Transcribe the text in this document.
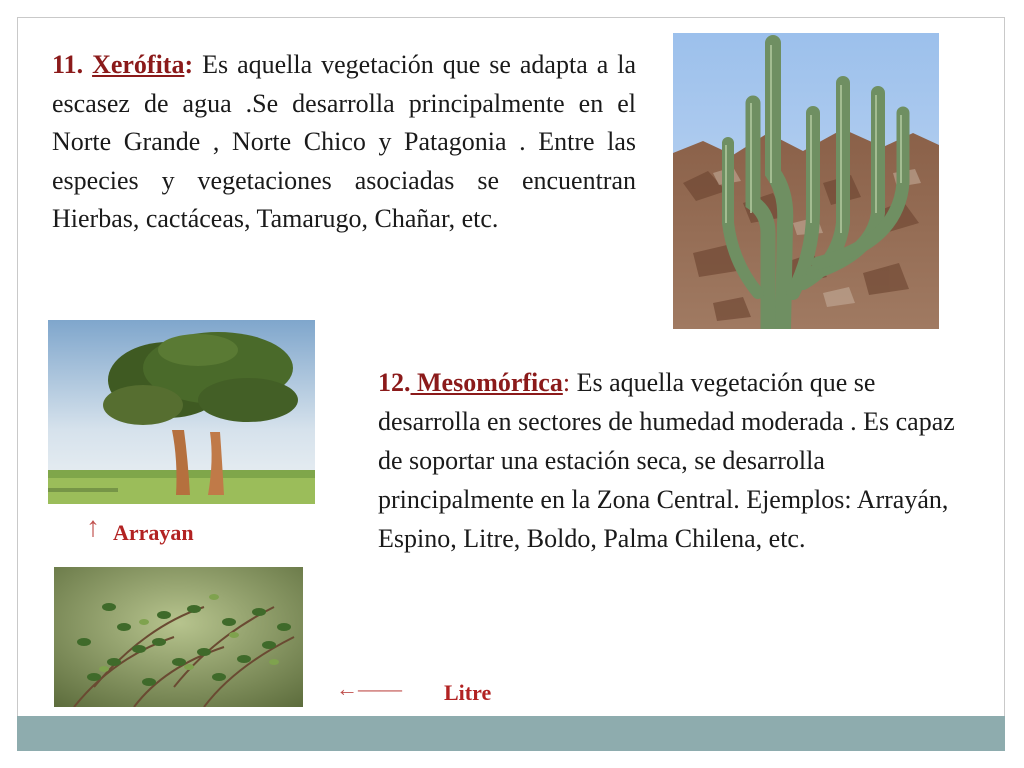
11. Xerófita: Es aquella vegetación que se adapta a la escasez de agua .Se desarrolla principalmente en el Norte Grande , Norte Chico y Patagonia . Entre las especies y vegetaciones asociadas se encuentran Hierbas, cactáceas, Tamarugo, Chañar, etc.
↑ Arrayan
12. Mesomórfica: Es aquella vegetación que se desarrolla en sectores de humedad moderada . Es capaz de soportar una estación seca, se desarrolla principalmente en la Zona Central. Ejemplos: Arrayán, Espino, Litre, Boldo, Palma Chilena, etc.
←—— Litre
